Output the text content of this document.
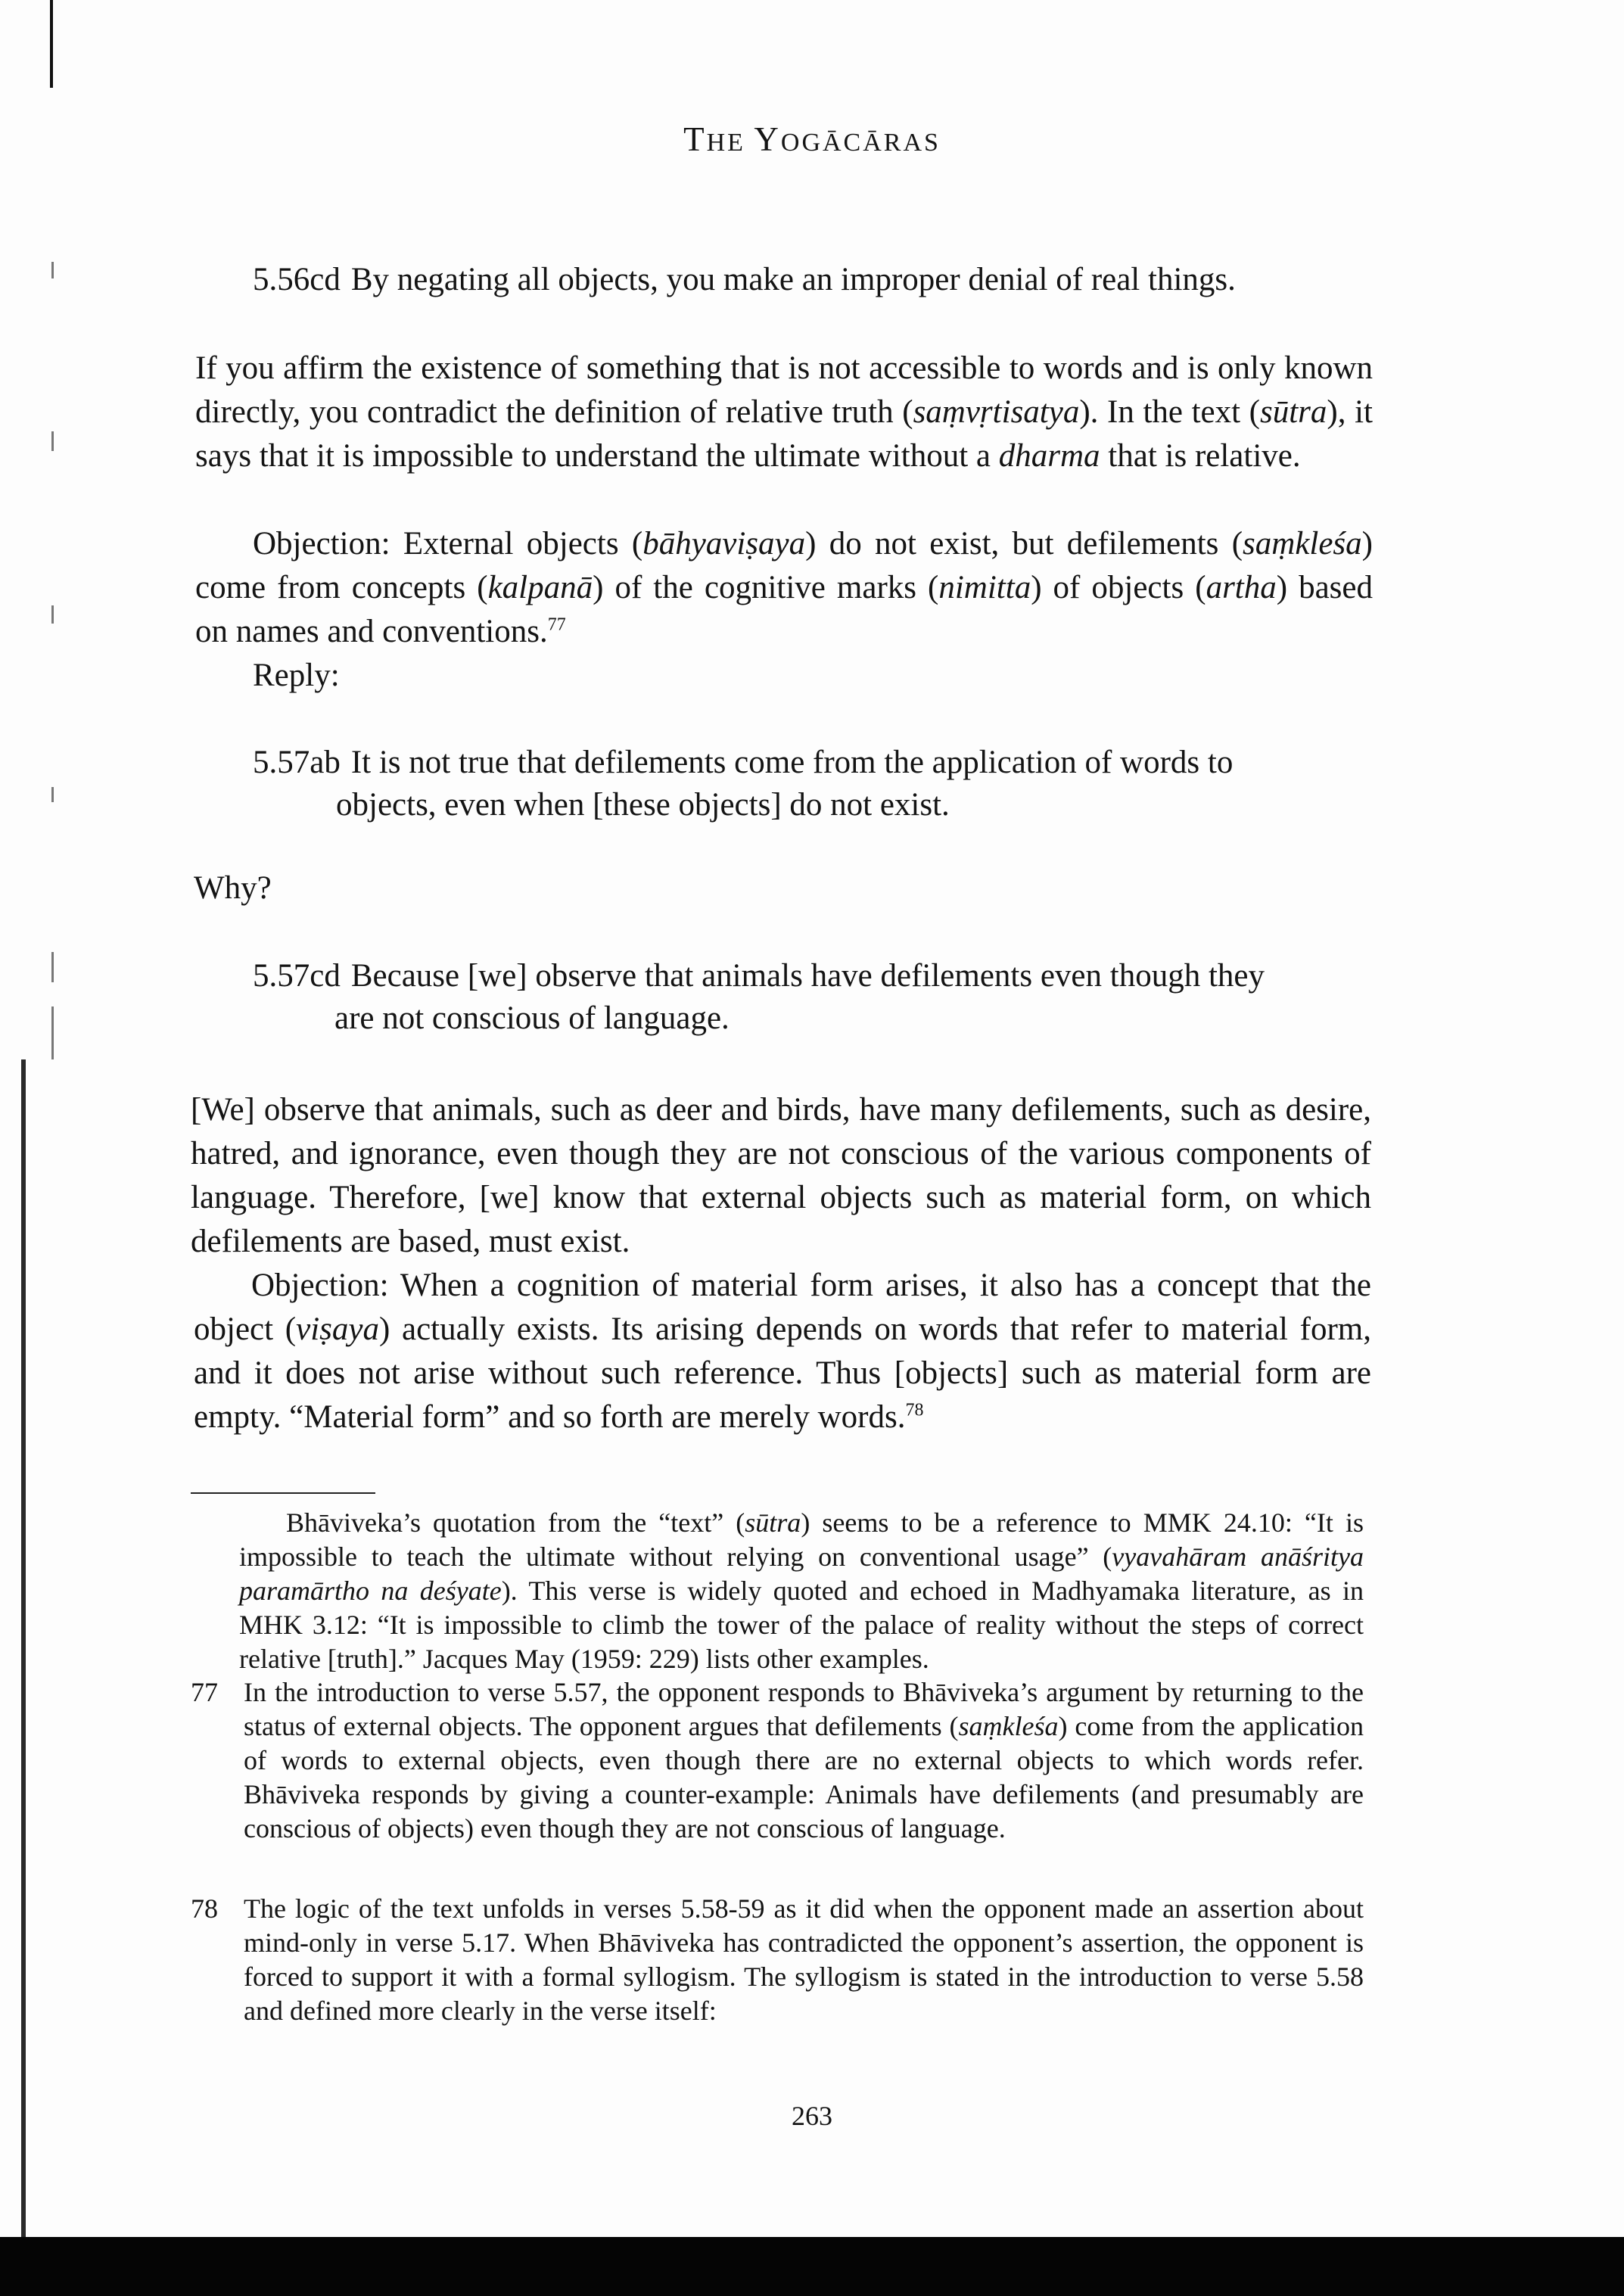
THE YOGĀCĀRAS
5.56cd By negating all objects, you make an improper denial of real things.
If you affirm the existence of something that is not accessible to words and is only known directly, you contradict the definition of relative truth (saṃvṛtisatya). In the text (sūtra), it says that it is impossible to understand the ultimate without a dharma that is relative.
Objection: External objects (bāhyaviṣaya) do not exist, but defilements (saṃkleśa) come from concepts (kalpanā) of the cognitive marks (nimitta) of objects (artha) based on names and conventions.$^{77}$
Reply:
5.57ab It is not true that defilements come from the application of words to
objects, even when [these objects] do not exist.
Why?
5.57cd Because [we] observe that animals have defilements even though they
are not conscious of language.
[We] observe that animals, such as deer and birds, have many defilements, such as desire, hatred, and ignorance, even though they are not conscious of the various components of language. Therefore, [we] know that external objects such as material form, on which defilements are based, must exist.
Objection: When a cognition of material form arises, it also has a concept that the object (viṣaya) actually exists. Its arising depends on words that refer to material form, and it does not arise without such reference. Thus [objects] such as material form are empty. “Material form” and so forth are merely words.$^{78}$
Bhāviveka’s quotation from the “text” (sūtra) seems to be a reference to MMK 24.10: “It is impossible to teach the ultimate without relying on conventional usage” (vyavahāram anāśritya paramārtho na deśyate). This verse is widely quoted and echoed in Madhyamaka literature, as in MHK 3.12: “It is impossible to climb the tower of the palace of reality without the steps of correct relative [truth].” Jacques May (1959: 229) lists other examples.
77 In the introduction to verse 5.57, the opponent responds to Bhāviveka’s argument by returning to the status of external objects. The opponent argues that defilements (saṃkleśa) come from the application of words to external objects, even though there are no external objects to which words refer. Bhāviveka responds by giving a counter-example: Animals have defilements (and presumably are conscious of objects) even though they are not conscious of language.
78 The logic of the text unfolds in verses 5.58-59 as it did when the opponent made an assertion about mind-only in verse 5.17. When Bhāviveka has contradicted the opponent’s assertion, the opponent is forced to support it with a formal syllogism. The syllogism is stated in the introduction to verse 5.58 and defined more clearly in the verse itself:
263
